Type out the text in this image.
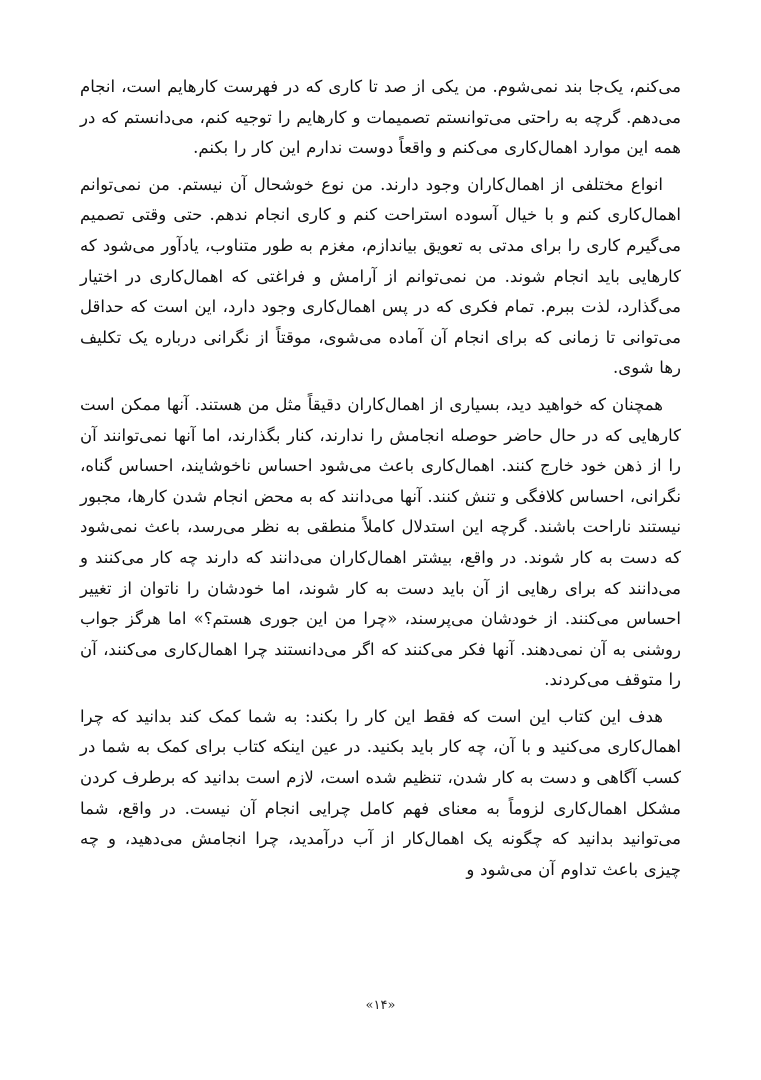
می‌کنم، یک‌جا بند نمی‌شوم. من یکی از صد تا کاری که در فهرست کارهایم است، انجام می‌دهم. گرچه به راحتی می‌توانستم تصمیمات و کارهایم را توجیه کنم، می‌دانستم که در همه این موارد اهمال‌کاری می‌کنم و واقعاً دوست ندارم این کار را بکنم.

انواع مختلفی از اهمال‌کاران وجود دارند. من نوع خوشحال آن نیستم. من نمی‌توانم اهمال‌کاری کنم و با خیال آسوده استراحت کنم و کاری انجام ندهم. حتی وقتی تصمیم می‌گیرم کاری را برای مدتی به تعویق بیاندازم، مغزم به طور متناوب، یادآور می‌شود که کارهایی باید انجام شوند. من نمی‌توانم از آرامش و فراغتی که اهمال‌کاری در اختیار می‌گذارد، لذت ببرم. تمام فکری که در پس اهمال‌کاری وجود دارد، این است که حداقل می‌توانی تا زمانی که برای انجام آن آماده می‌شوی، موقتاً از نگرانی درباره یک تکلیف رها شوی.

همچنان که خواهید دید، بسیاری از اهمال‌کاران دقیقاً مثل من هستند. آنها ممکن است کارهایی که در حال حاضر حوصله انجامش را ندارند، کنار بگذارند، اما آنها نمی‌توانند آن را از ذهن خود خارج کنند. اهمال‌کاری باعث می‌شود احساس ناخوشایند، احساس گناه، نگرانی، احساس کلافگی و تنش کنند. آنها می‌دانند که به محض انجام شدن کارها، مجبور نیستند ناراحت باشند. گرچه این استدلال کاملاً منطقی به نظر می‌رسد، باعث نمی‌شود که دست به کار شوند. در واقع، بیشتر اهمال‌کاران می‌دانند که دارند چه کار می‌کنند و می‌دانند که برای رهایی از آن باید دست به کار شوند، اما خودشان را ناتوان از تغییر احساس می‌کنند. از خودشان می‌پرسند، «چرا من این جوری هستم؟» اما هرگز جواب روشنی به آن نمی‌دهند. آنها فکر می‌کنند که اگر می‌دانستند چرا اهمال‌کاری می‌کنند، آن را متوقف می‌کردند.

هدف این کتاب این است که فقط این کار را بکند: به شما کمک کند بدانید که چرا اهمال‌کاری می‌کنید و با آن، چه کار باید بکنید. در عین اینکه کتاب برای کمک به شما در کسب آگاهی و دست به کار شدن، تنظیم شده است، لازم است بدانید که برطرف کردن مشکل اهمال‌کاری لزوماً به معنای فهم کامل چرایی انجام آن نیست. در واقع، شما می‌توانید بدانید که چگونه یک اهمال‌کار از آب درآمدید، چرا انجامش می‌دهید، و چه چیزی باعث تداوم آن می‌شود و

«۱۴»
